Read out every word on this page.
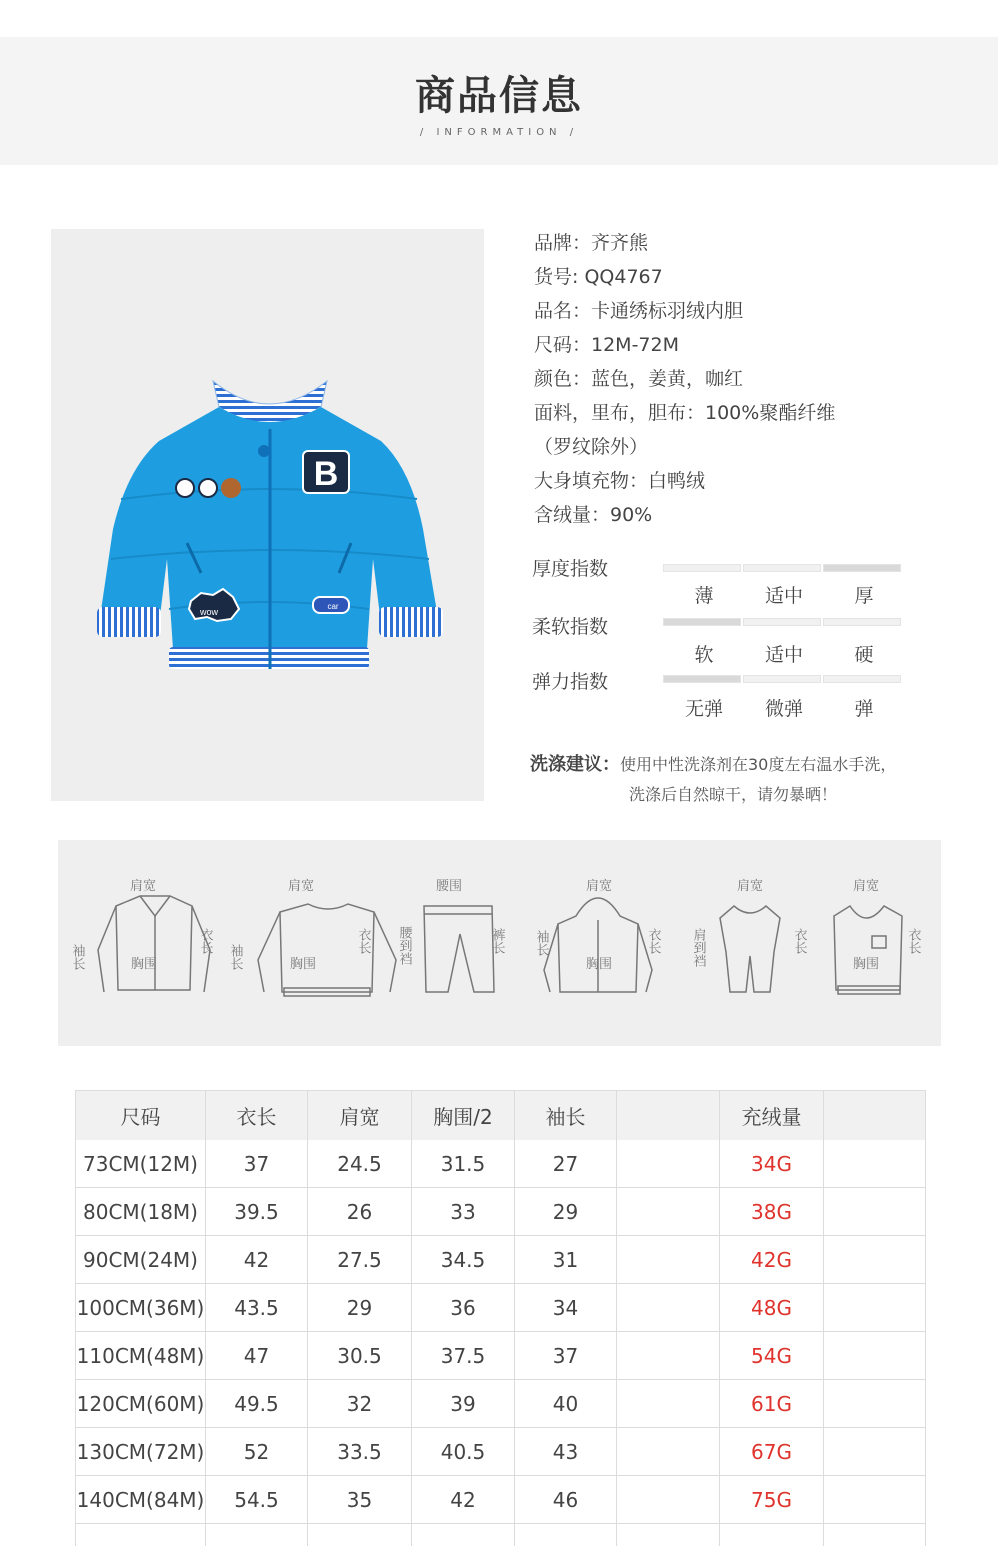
商品信息
/ INFORMATION /
B
wow
car
品牌：齐齐熊
货号: QQ4767
品名：卡通绣标羽绒内胆
尺码：12M-72M
颜色：蓝色，姜黄，咖红
面料，里布，胆布：100%聚酯纤维
（罗纹除外）
大身填充物：白鸭绒
含绒量：90%
厚度指数
薄	适中	厚
柔软指数
软	适中	硬
弹力指数
无弹	微弹	弹
洗涤建议：使用中性洗涤剂在30度左右温水手洗，
洗涤后自然晾干，请勿暴晒！
肩宽
袖长
衣长
胸围
肩宽
袖长
衣长
胸围
腰围
腰到裆	裤长
肩宽
袖长	衣长
胸围
肩宽
肩到裆	衣长
肩宽
衣长
胸围
尺码	衣长	肩宽	胸围/2	袖长	充绒量
73CM(12M)	37	24.5	31.5	27	34G
80CM(18M)	39.5	26	33	29	38G
90CM(24M)	42	27.5	34.5	31	42G
100CM(36M)	43.5	29	36	34	48G
110CM(48M)	47	30.5	37.5	37	54G
120CM(60M)	49.5	32	39	40	61G
130CM(72M)	52	33.5	40.5	43	67G
140CM(84M)	54.5	35	42	46	75G
